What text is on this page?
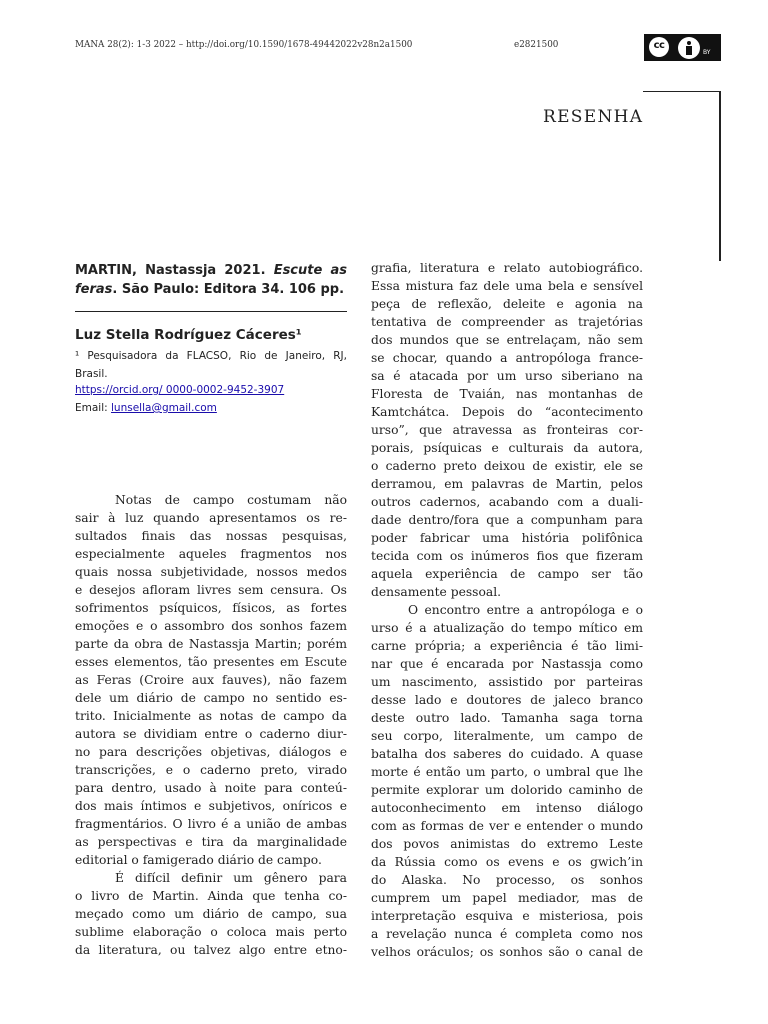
MANA 28(2): 1-3 2022 – http://doi.org/10.1590/1678-49442022v28n2a1500	e2821500	cc
BY
RESENHA
MARTIN, Nastassja 2021. Escute as feras. São Paulo: Editora 34. 106 pp.
Luz Stella Rodríguez Cáceres¹
¹ Pesquisadora da FLACSO, Rio de Janeiro, RJ, Brasil.
https://orcid.org/ 0000-0002-9452-3907
Email: lunsella@gmail.com
Notas de campo costumam não
sair à luz quando apresentamos os re-
sultados finais das nossas pesquisas,
especialmente aqueles fragmentos nos
quais nossa subjetividade, nossos medos
e desejos afloram livres sem censura. Os
sofrimentos psíquicos, físicos, as fortes
emoções e o assombro dos sonhos fazem
parte da obra de Nastassja Martin; porém
esses elementos, tão presentes em Escute
as Feras (Croire aux fauves), não fazem
dele um diário de campo no sentido es-
trito. Inicialmente as notas de campo da
autora se dividiam entre o caderno diur-
no para descrições objetivas, diálogos e
transcrições, e o caderno preto, virado
para dentro, usado à noite para conteú-
dos mais íntimos e subjetivos, oníricos e
fragmentários. O livro é a união de ambas
as perspectivas e tira da marginalidade
editorial o famigerado diário de campo.
É difícil definir um gênero para
o livro de Martin. Ainda que tenha co-
meçado como um diário de campo, sua
sublime elaboração o coloca mais perto
da literatura, ou talvez algo entre etno-
grafia, literatura e relato autobiográfico.
Essa mistura faz dele uma bela e sensível
peça de reflexão, deleite e agonia na
tentativa de compreender as trajetórias
dos mundos que se entrelaçam, não sem
se chocar, quando a antropóloga france-
sa é atacada por um urso siberiano na
Floresta de Tvaián, nas montanhas de
Kamtchátca. Depois do “acontecimento
urso”, que atravessa as fronteiras cor-
porais, psíquicas e culturais da autora,
o caderno preto deixou de existir, ele se
derramou, em palavras de Martin, pelos
outros cadernos, acabando com a duali-
dade dentro/fora que a compunham para
poder fabricar uma história polifônica
tecida com os inúmeros fios que fizeram
aquela experiência de campo ser tão
densamente pessoal.
O encontro entre a antropóloga e o
urso é a atualização do tempo mítico em
carne própria; a experiência é tão limi-
nar que é encarada por Nastassja como
um nascimento, assistido por parteiras
desse lado e doutores de jaleco branco
deste outro lado. Tamanha saga torna
seu corpo, literalmente, um campo de
batalha dos saberes do cuidado. A quase
morte é então um parto, o umbral que lhe
permite explorar um dolorido caminho de
autoconhecimento em intenso diálogo
com as formas de ver e entender o mundo
dos povos animistas do extremo Leste
da Rússia como os evens e os gwich’in
do Alaska. No processo, os sonhos
cumprem um papel mediador, mas de
interpretação esquiva e misteriosa, pois
a revelação nunca é completa como nos
velhos oráculos; os sonhos são o canal de
